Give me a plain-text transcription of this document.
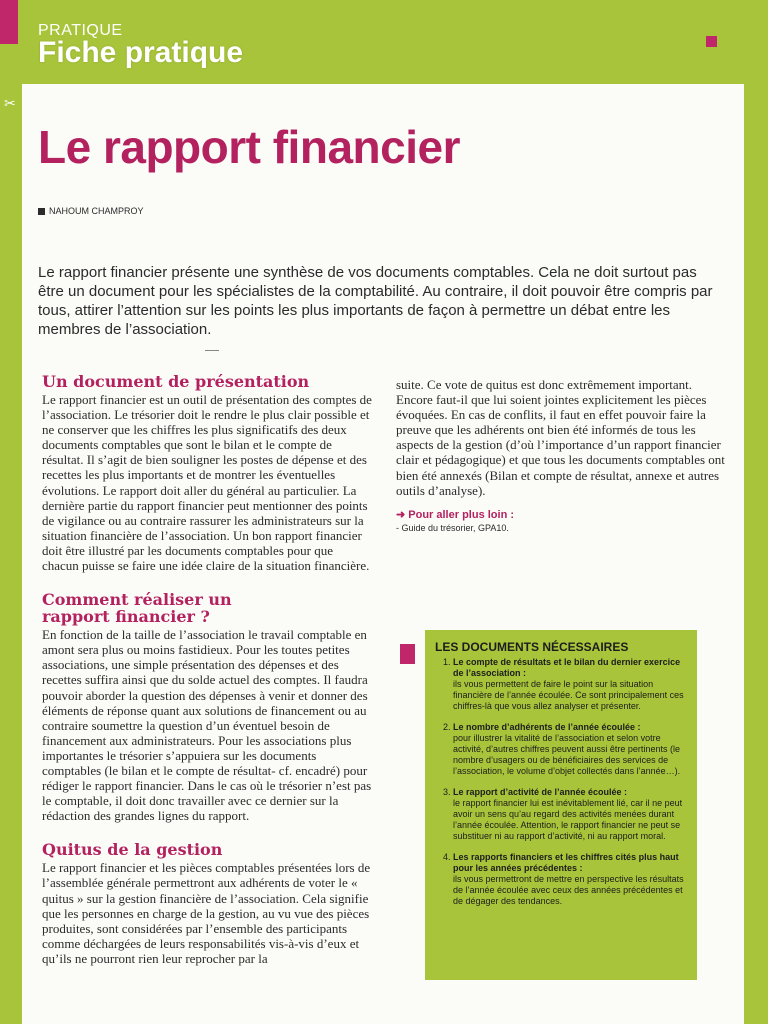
PRATIQUE
Fiche pratique
✂
Le rapport financier
NAHOUM CHAMPROY

Le rapport financier présente une synthèse de vos documents comptables. Cela ne doit surtout pas être un document pour les spécialistes de la comptabilité. Au contraire, il doit pouvoir être compris par tous, attirer l’attention sur les points les plus importants de façon à permettre un débat entre les membres de l’association.

Un document de présentation

Le rapport financier est un outil de présentation des comptes de l’association. Le trésorier doit le rendre le plus clair possible et ne conserver que les chiffres les plus significatifs des deux documents comptables que sont le bilan et le compte de résultat. Il s’agit de bien souligner les postes de dépense et des recettes les plus importants et de montrer les éventuelles évolutions. Le rapport doit aller du général au particulier. La dernière partie du rapport financier peut mentionner des points de vigilance ou au contraire rassurer les administrateurs sur la situation financière de l’association. Un bon rapport financier doit être illustré par les documents comptables pour que chacun puisse se faire une idée claire de la situation financière.

Comment réaliser un rapport financier ?

En fonction de la taille de l’association le travail comptable en amont sera plus ou moins fastidieux. Pour les toutes petites associations, une simple présentation des dépenses et des recettes suffira ainsi que du solde actuel des comptes. Il faudra pouvoir aborder la question des dépenses à venir et donner des éléments de réponse quant aux solutions de financement ou au contraire soumettre la question d’un éventuel besoin de financement aux administrateurs. Pour les associations plus importantes le trésorier s’appuiera sur les documents comptables (le bilan et le compte de résultat- cf. encadré) pour rédiger le rapport financier. Dans le cas où le trésorier n’est pas le comptable, il doit donc travailler avec ce dernier sur la rédaction des grandes lignes du rapport.

Quitus de la gestion

Le rapport financier et les pièces comptables présentées lors de l’assemblée générale permettront aux adhérents de voter le « quitus » sur la gestion financière de l’association. Cela signifie que les personnes en charge de la gestion, au vu vue des pièces produites, sont considérées par l’ensemble des participants comme déchargées de leurs responsabilités vis-à-vis d’eux et qu’ils ne pourront rien leur reprocher par la

suite. Ce vote de quitus est donc extrêmement important. Encore faut-il que lui soient jointes explicitement les pièces évoquées. En cas de conflits, il faut en effet pouvoir faire la preuve que les adhérents ont bien été informés de tous les aspects de la gestion (d’où l’importance d’un rapport financier clair et pédagogique) et que tous les documents comptables ont bien été annexés (Bilan et compte de résultat, annexe et autres outils d’analyse).

➜ Pour aller plus loin :
- Guide du trésorier, GPA10.
LES DOCUMENTS NÉCESSAIRES
1. Le compte de résultats et le bilan du dernier exercice de l’association :
ils vous permettent de faire le point sur la situation financière de l’année écoulée. Ce sont principalement ces chiffres-là que vous allez analyser et présenter.
2. Le nombre d’adhérents de l’année écoulée :
pour illustrer la vitalité de l’association et selon votre activité, d’autres chiffres peuvent aussi être pertinents (le nombre d’usagers ou de bénéficiaires des services de l’association, le volume d’objet collectés dans l’année…).
3. Le rapport d’activité de l’année écoulée :
le rapport financier lui est inévitablement lié, car il ne peut avoir un sens qu’au regard des activités menées durant l’année écoulée. Attention, le rapport financier ne peut se substituer ni au rapport d’activité, ni au rapport moral.
4. Les rapports financiers et les chiffres cités plus haut pour les années précédentes :
ils vous permettront de mettre en perspective les résultats de l’année écoulée avec ceux des années précédentes et de dégager des tendances.
